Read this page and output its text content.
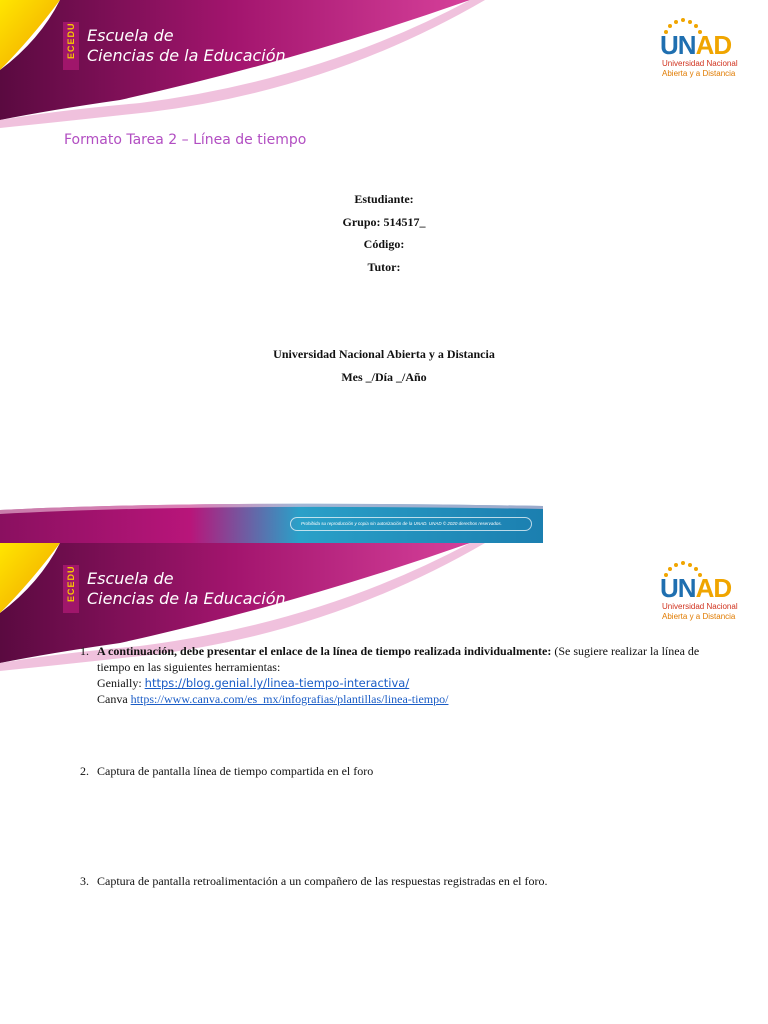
ECEDU Escuela de
Ciencias de la Educación	UNAD
Universidad Nacional
Abierta y a Distancia
Formato Tarea 2 – Línea de tiempo
Estudiante:
Grupo: 514517_
Código:
Tutor:
Universidad Nacional Abierta y a Distancia
Mes _/Día _/Año
Prohibida su reproducción y copia sin autorización de la UNAD. UNAD © 2020 derechos reservados.
ECEDU Escuela de
Ciencias de la Educación	UNAD
Universidad Nacional
Abierta y a Distancia
1. A continuación, debe presentar el enlace de la línea de tiempo realizada individualmente: (Se sugiere realizar la línea de tiempo en las siguientes herramientas:
Genially: https://blog.genial.ly/linea-tiempo-interactiva/
Canva https://www.canva.com/es_mx/infografias/plantillas/linea-tiempo/
2. Captura de pantalla línea de tiempo compartida en el foro
3. Captura de pantalla retroalimentación a un compañero de las respuestas registradas en el foro.
